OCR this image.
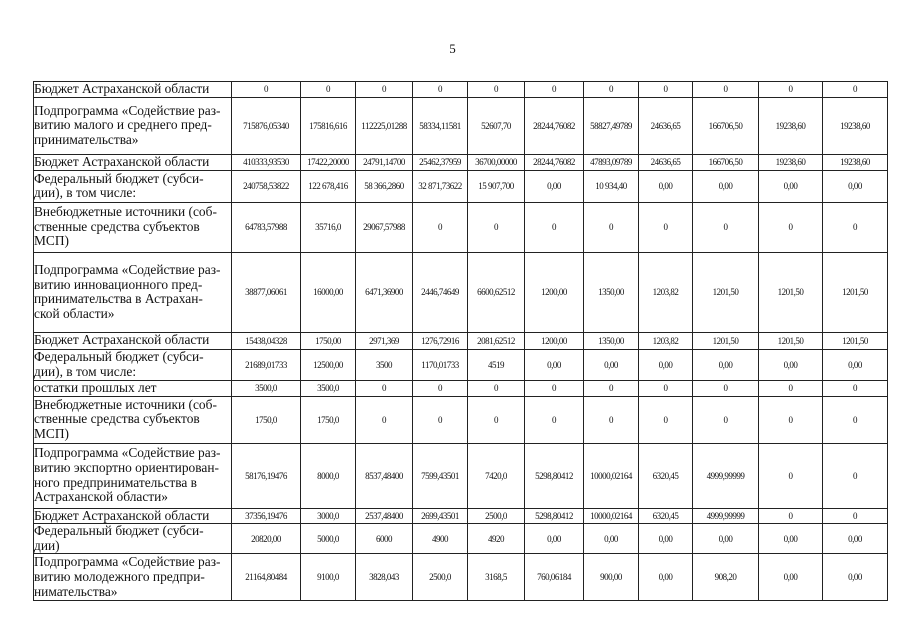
5
Бюджет Астраханской области	0	0	0	0	0	0	0	0	0	0	0
Подпрограмма «Содействие раз-
витию малого и среднего пред-
принимательства»	715876,05340	175816,616	112225,01288	58334,11581	52607,70	28244,76082	58827,49789	24636,65	166706,50	19238,60	19238,60
Бюджет Астраханской области	410333,93530	17422,20000	24791,14700	25462,37959	36700,00000	28244,76082	47893,09789	24636,65	166706,50	19238,60	19238,60
Федеральный бюджет (субси-
дии), в том числе:	240758,53822	122 678,416	58 366,2860	32 871,73622	15 907,700	0,00	10 934,40	0,00	0,00	0,00	0,00
Внебюджетные источники (соб-
ственные средства субъектов
МСП)	64783,57988	35716,0	29067,57988	0	0	0	0	0	0	0	0
Подпрограмма «Содействие раз-
витию инновационного пред-
принимательства в Астрахан-
ской области»	38877,06061	16000,00	6471,36900	2446,74649	6600,62512	1200,00	1350,00	1203,82	1201,50	1201,50	1201,50
Бюджет Астраханской области	15438,04328	1750,00	2971,369	1276,72916	2081,62512	1200,00	1350,00	1203,82	1201,50	1201,50	1201,50
Федеральный бюджет (субси-
дии), в том числе:	21689,01733	12500,00	3500	1170,01733	4519	0,00	0,00	0,00	0,00	0,00	0,00
остатки прошлых лет	3500,0	3500,0	0	0	0	0	0	0	0	0	0
Внебюджетные источники (соб-
ственные средства субъектов
МСП)	1750,0	1750,0	0	0	0	0	0	0	0	0	0
Подпрограмма «Содействие раз-
витию экспортно ориентирован-
ного предпринимательства в
Астраханской области»	58176,19476	8000,0	8537,48400	7599,43501	7420,0	5298,80412	10000,02164	6320,45	4999,99999	0	0
Бюджет Астраханской области	37356,19476	3000,0	2537,48400	2699,43501	2500,0	5298,80412	10000,02164	6320,45	4999,99999	0	0
Федеральный бюджет (субси-
дии)	20820,00	5000,0	6000	4900	4920	0,00	0,00	0,00	0,00	0,00	0,00
Подпрограмма «Содействие раз-
витию молодежного предпри-
нимательства»	21164,80484	9100,0	3828,043	2500,0	3168,5	760,06184	900,00	0,00	908,20	0,00	0,00
